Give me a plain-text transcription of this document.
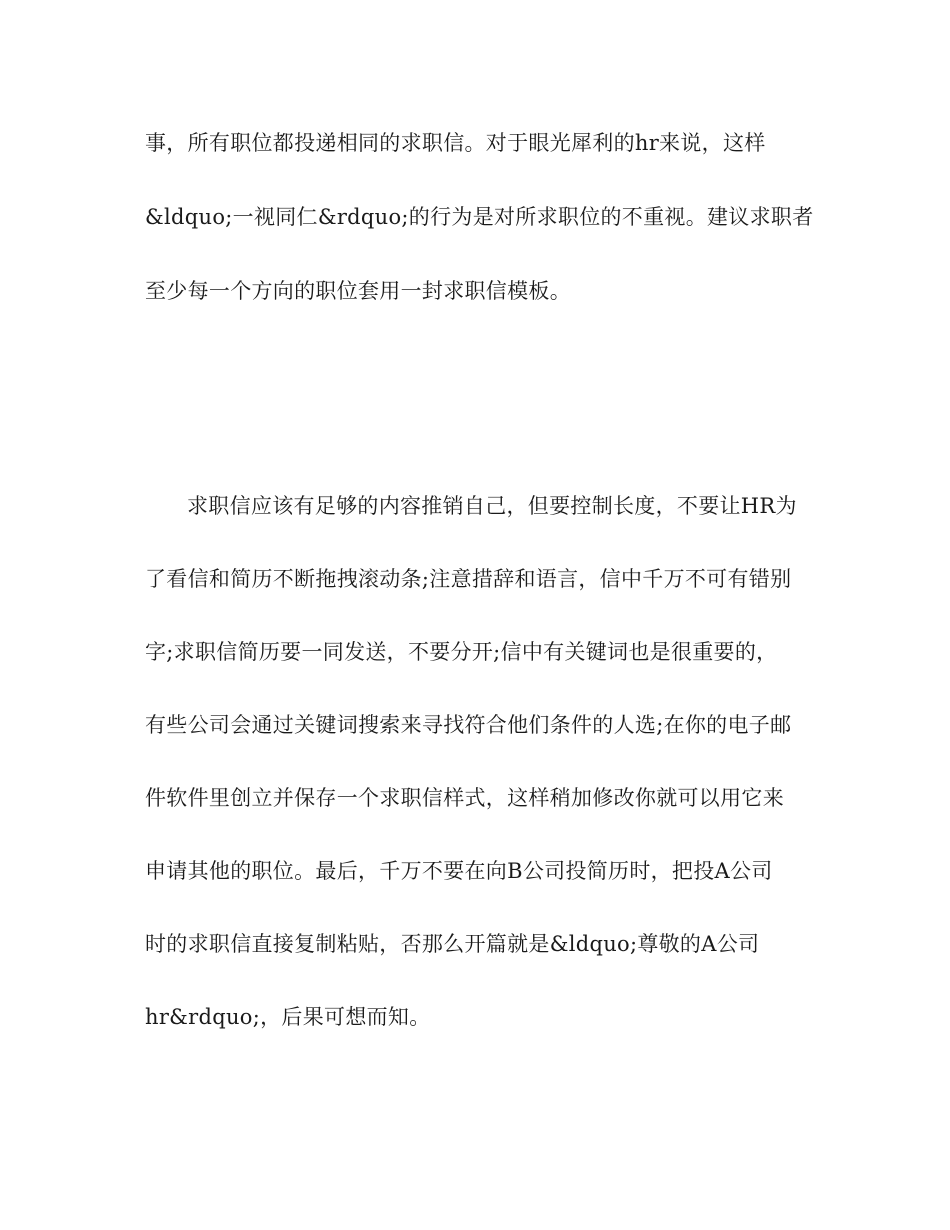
事，所有职位都投递相同的求职信。对于眼光犀利的hr来说，这样
&ldquo;一视同仁&rdquo;的行为是对所求职位的不重视。建议求职者
至少每一个方向的职位套用一封求职信模板。
求职信应该有足够的内容推销自己，但要控制长度，不要让HR为
了看信和简历不断拖拽滚动条;注意措辞和语言，信中千万不可有错别
字;求职信简历要一同发送，不要分开;信中有关键词也是很重要的，
有些公司会通过关键词搜索来寻找符合他们条件的人选;在你的电子邮
件软件里创立并保存一个求职信样式，这样稍加修改你就可以用它来
申请其他的职位。最后，千万不要在向B公司投简历时，把投A公司
时的求职信直接复制粘贴，否那么开篇就是&ldquo;尊敬的A公司
hr&rdquo;，后果可想而知。
